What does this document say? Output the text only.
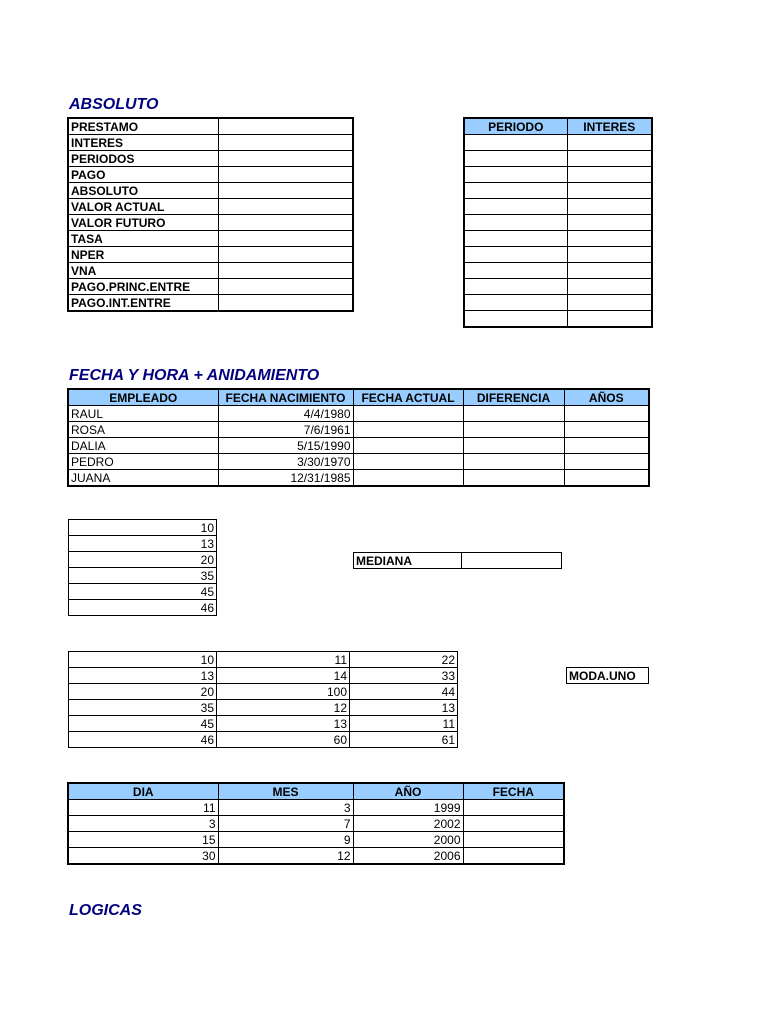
ABSOLUTO
PRESTAMO	
INTERES	
PERIODOS	
PAGO	
ABSOLUTO	
VALOR ACTUAL	
VALOR FUTURO	
TASA	
NPER	
VNA	
PAGO.PRINC.ENTRE	
PAGO.INT.ENTRE	
PERIODO	INTERES

FECHA Y HORA + ANIDAMIENTO
EMPLEADO	FECHA NACIMIENTO	FECHA ACTUAL	DIFERENCIA	AÑOS
RAUL	4/4/1980			
ROSA	7/6/1961			
DALIA	5/15/1990			
PEDRO	3/30/1970			
JUANA	12/31/1985			
10
13
20
35
45
46
MEDIANA	
10	11	22
13	14	33
20	100	44
35	12	13
45	13	11
46	60	61
MODA.UNO
DIA	MES	AÑO	FECHA
11	3	1999	
3	7	2002	
15	9	2000	
30	12	2006	
LOGICAS
